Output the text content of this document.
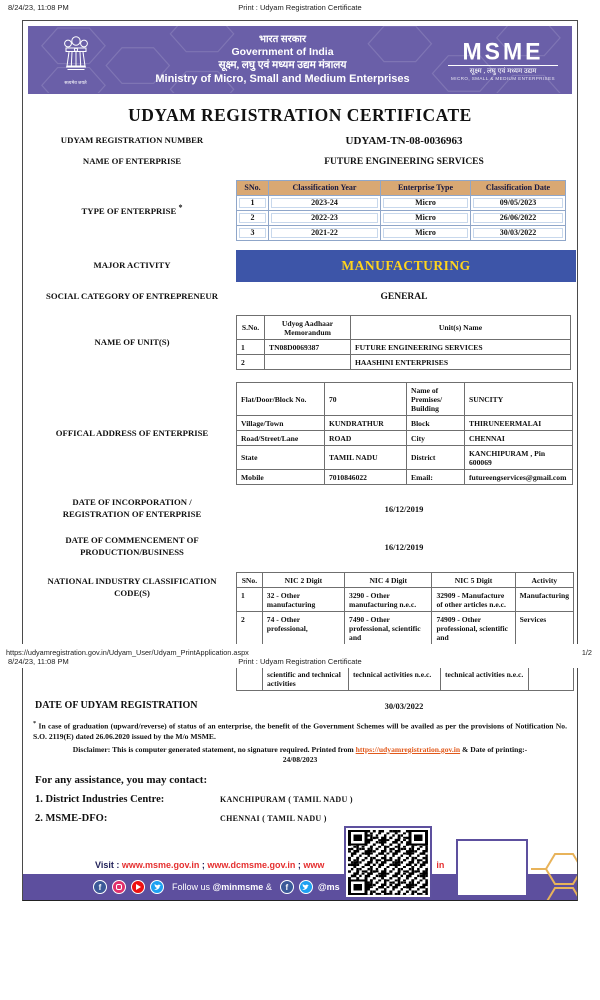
8/24/23, 11:08 PM	Print : Udyam Registration Certificate
सत्यमेव जयते
भारत सरकार
Government of India
सूक्ष्म, लघु एवं मध्यम उद्यम मंत्रालय
Ministry of Micro, Small and Medium Enterprises
MSME
सूक्ष्म , लघु एवं मध्यम उद्यम
MICRO, SMALL & MEDIUM ENTERPRISES
UDYAM REGISTRATION CERTIFICATE
UDYAM REGISTRATION NUMBER	UDYAM-TN-08-0036963
NAME OF ENTERPRISE	FUTURE ENGINEERING SERVICES
TYPE OF ENTERPRISE *
SNo.	Classification Year	Enterprise Type	Classification Date
1	2023-24	Micro	09/05/2023
2	2022-23	Micro	26/06/2022
3	2021-22	Micro	30/03/2022
MAJOR ACTIVITY	MANUFACTURING
SOCIAL CATEGORY OF ENTREPRENEUR	GENERAL
NAME OF UNIT(S)
S.No.	Udyog Aadhaar Memorandum	Unit(s) Name
1	TN08D0069387	FUTURE ENGINEERING SERVICES
2		HAASHINI ENTERPRISES
OFFICAL ADDRESS OF ENTERPRISE
Flat/Door/Block No.	70	Name of Premises/ Building	SUNCITY
Village/Town	KUNDRATHUR	Block	THIRUNEERMALAI
Road/Street/Lane	ROAD	City	CHENNAI
State	TAMIL NADU	District	KANCHIPURAM , Pin 600069
Mobile	7010846022	Email:	futureengservices@gmail.com
DATE OF INCORPORATION / REGISTRATION OF ENTERPRISE	16/12/2019
DATE OF COMMENCEMENT OF PRODUCTION/BUSINESS	16/12/2019
NATIONAL INDUSTRY CLASSIFICATION CODE(S)
SNo.	NIC 2 Digit	NIC 4 Digit	NIC 5 Digit	Activity
1	32 - Other manufacturing	3290 - Other manufacturing n.e.c.	32909 - Manufacture of other articles n.e.c.	Manufacturing
2	74 - Other professional,	7490 - Other professional, scientific and	74909 - Other professional, scientific and	Services
https://udyamregistration.gov.in/Udyam_User/Udyam_PrintApplication.aspx	1/2
8/24/23, 11:08 PM	Print : Udyam Registration Certificate
	scientific and technical activities	technical activities n.e.c.	technical activities n.e.c.	
DATE OF UDYAM REGISTRATION	30/03/2022
* In case of graduation (upward/reverse) of status of an enterprise, the benefit of the Government Schemes will be availed as per the provisions of Notification No. S.O. 2119(E) dated 26.06.2020 issued by the M/o MSME.
Disclaimer: This is computer generated statement, no signature required. Printed from https://udyamregistration.gov.in & Date of printing:-
24/08/2023
For any assistance, you may contact:
1. District Industries Centre:	KANCHIPURAM ( TAMIL NADU )
2. MSME-DFO:	CHENNAI ( TAMIL NADU )
Visit : www.msme.gov.in ; www.dcmsme.gov.in ; www	in
f	Follow us @minmsme &	f	@ms
